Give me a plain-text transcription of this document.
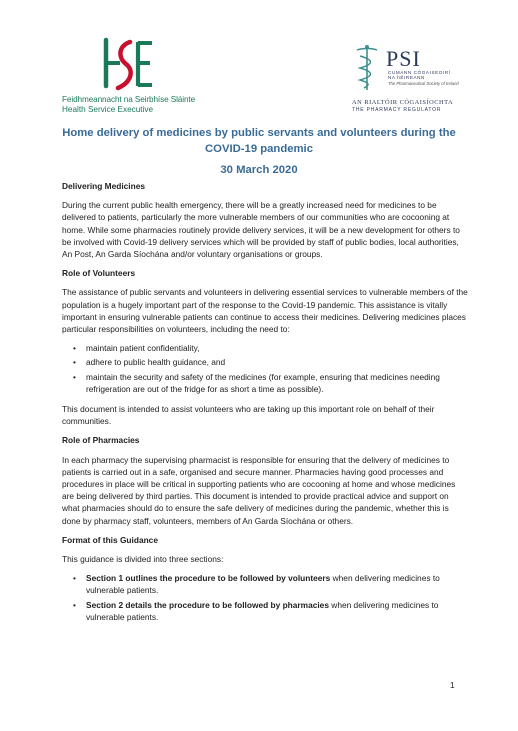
Feidhmeannacht na Seirbhíse Sláinte
Health Service Executive
PSI
CUMANN CÓGAISEOIRÍ
NA hÉIREANN
The Pharmaceutical Society of Ireland
AN RIALTÓIR CÓGAISÍOCHTA
THE PHARMACY REGULATOR
Home delivery of medicines by public servants and volunteers during the
COVID-19 pandemic
30 March 2020
Delivering Medicines
During the current public health emergency, there will be a greatly increased need for medicines to be delivered to patients, particularly the more vulnerable members of our communities who are cocooning at home. While some pharmacies routinely provide delivery services, it will be a new development for others to be involved with Covid-19 delivery services which will be provided by staff of public bodies, local authorities, An Post, An Garda Síochána and/or voluntary organisations or groups.
Role of Volunteers
The assistance of public servants and volunteers in delivering essential services to vulnerable members of the population is a hugely important part of the response to the Covid-19 pandemic. This assistance is vitally important in ensuring vulnerable patients can continue to access their medicines. Delivering medicines places particular responsibilities on volunteers, including the need to:
• maintain patient confidentiality,
• adhere to public health guidance, and
• maintain the security and safety of the medicines (for example, ensuring that medicines needing refrigeration are out of the fridge for as short a time as possible).
This document is intended to assist volunteers who are taking up this important role on behalf of their communities.
Role of Pharmacies
In each pharmacy the supervising pharmacist is responsible for ensuring that the delivery of medicines to patients is carried out in a safe, organised and secure manner. Pharmacies having good processes and procedures in place will be critical in supporting patients who are cocooning at home and whose medicines are being delivered by third parties. This document is intended to provide practical advice and support on what pharmacies should do to ensure the safe delivery of medicines during the pandemic, whether this is done by pharmacy staff, volunteers, members of An Garda Síochána or others.
Format of this Guidance
This guidance is divided into three sections:
• Section 1 outlines the procedure to be followed by volunteers when delivering medicines to vulnerable patients.
• Section 2 details the procedure to be followed by pharmacies when delivering medicines to vulnerable patients.
1
